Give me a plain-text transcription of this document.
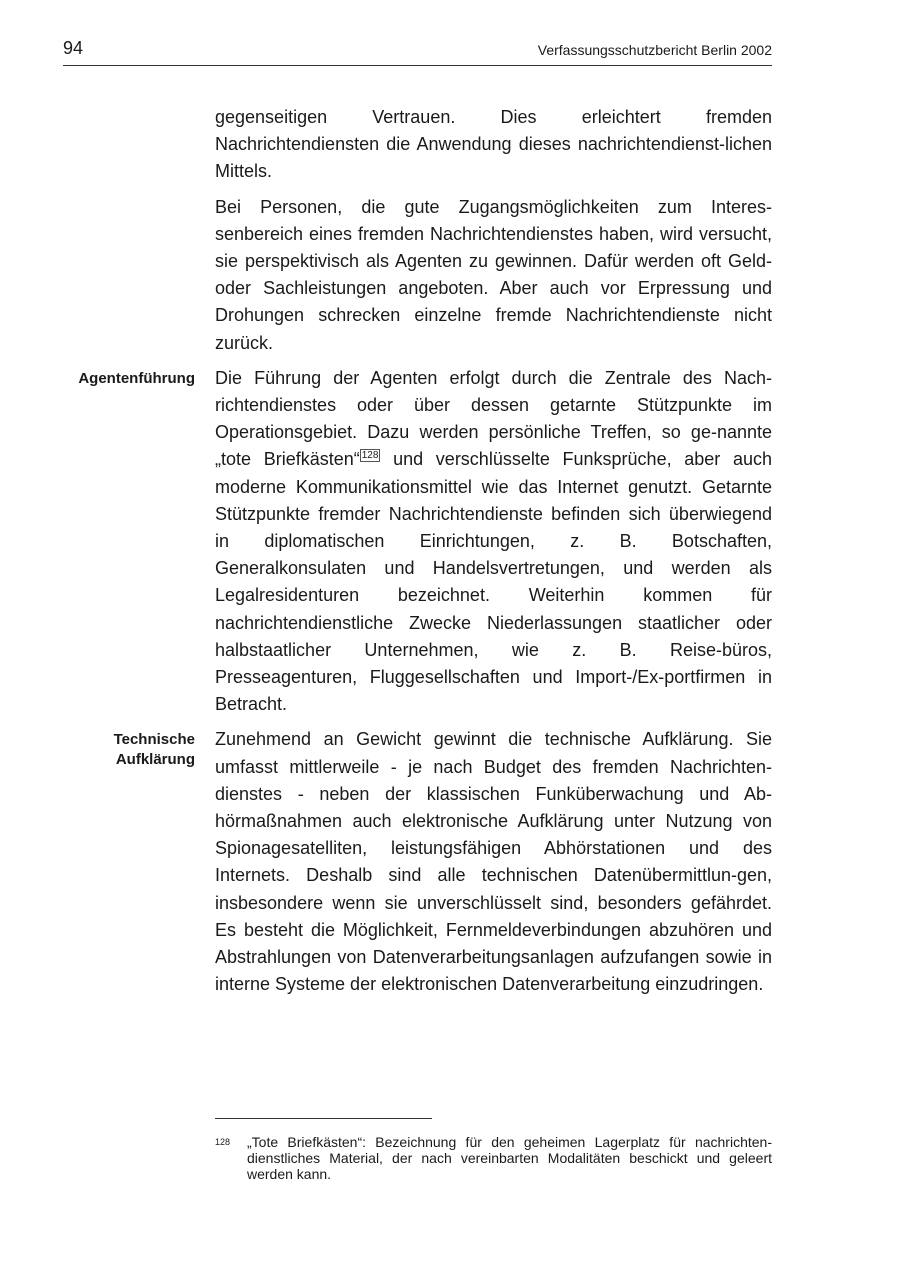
94	Verfassungsschutzbericht Berlin 2002

gegenseitigen Vertrauen. Dies erleichtert fremden Nachrichtendiensten die Anwendung dieses nachrichtendienst-lichen Mittels.

Bei Personen, die gute Zugangsmöglichkeiten zum Interes-senbereich eines fremden Nachrichtendienstes haben, wird versucht, sie perspektivisch als Agenten zu gewinnen. Dafür werden oft Geld- oder Sachleistungen angeboten. Aber auch vor Erpressung und Drohungen schrecken einzelne fremde Nachrichtendienste nicht zurück.

Agentenführung Die Führung der Agenten erfolgt durch die Zentrale des Nach-richtendienstes oder über dessen getarnte Stützpunkte im Operationsgebiet. Dazu werden persönliche Treffen, so ge-nannte „tote Briefkästen“ $^{128}$ und verschlüsselte Funksprüche, aber auch moderne Kommunikationsmittel wie das Internet genutzt. Getarnte Stützpunkte fremder Nachrichtendienste befinden sich überwiegend in diplomatischen Einrichtungen, z. B. Botschaften, Generalkonsulaten und Handelsvertretungen, und werden als Legalresidenturen bezeichnet. Weiterhin kommen für nachrichtendienstliche Zwecke Niederlassungen staatlicher oder halbstaatlicher Unternehmen, wie z. B. Reise-büros, Presseagenturen, Fluggesellschaften und Import-/Ex-portfirmen in Betracht.

Technische
Aufklärung
Zunehmend an Gewicht gewinnt die technische Aufklärung. Sie umfasst mittlerweile - je nach Budget des fremden Nachrichten-dienstes - neben der klassischen Funküberwachung und Ab-hörmaßnahmen auch elektronische Aufklärung unter Nutzung von Spionagesatelliten, leistungsfähigen Abhörstationen und des Internets. Deshalb sind alle technischen Datenübermittlun-gen, insbesondere wenn sie unverschlüsselt sind, besonders gefährdet. Es besteht die Möglichkeit, Fernmeldeverbindungen abzuhören und Abstrahlungen von Datenverarbeitungsanlagen aufzufangen sowie in interne Systeme der elektronischen Datenverarbeitung einzudringen.

128 „Tote Briefkästen“: Bezeichnung für den geheimen Lagerplatz für nachrichten-dienstliches Material, der nach vereinbarten Modalitäten beschickt und geleert werden kann.
